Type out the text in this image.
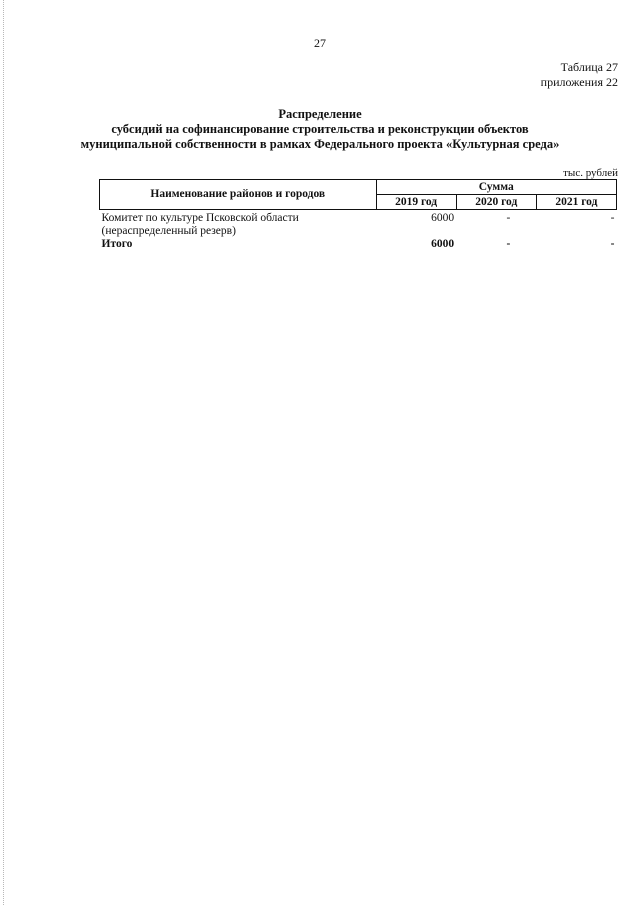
27
Таблица 27
приложения 22
Распределение
субсидий на софинансирование строительства и реконструкции объектов
муниципальной собственности в рамках Федерального проекта «Культурная среда»
тыс. рублей
Наименование районов и городов	Сумма		
	2019 год	2020 год	2021 год

Комитет по культуре Псковской области
(нераспределенный резерв)	6000	-	-
Итого	6000	-	-
